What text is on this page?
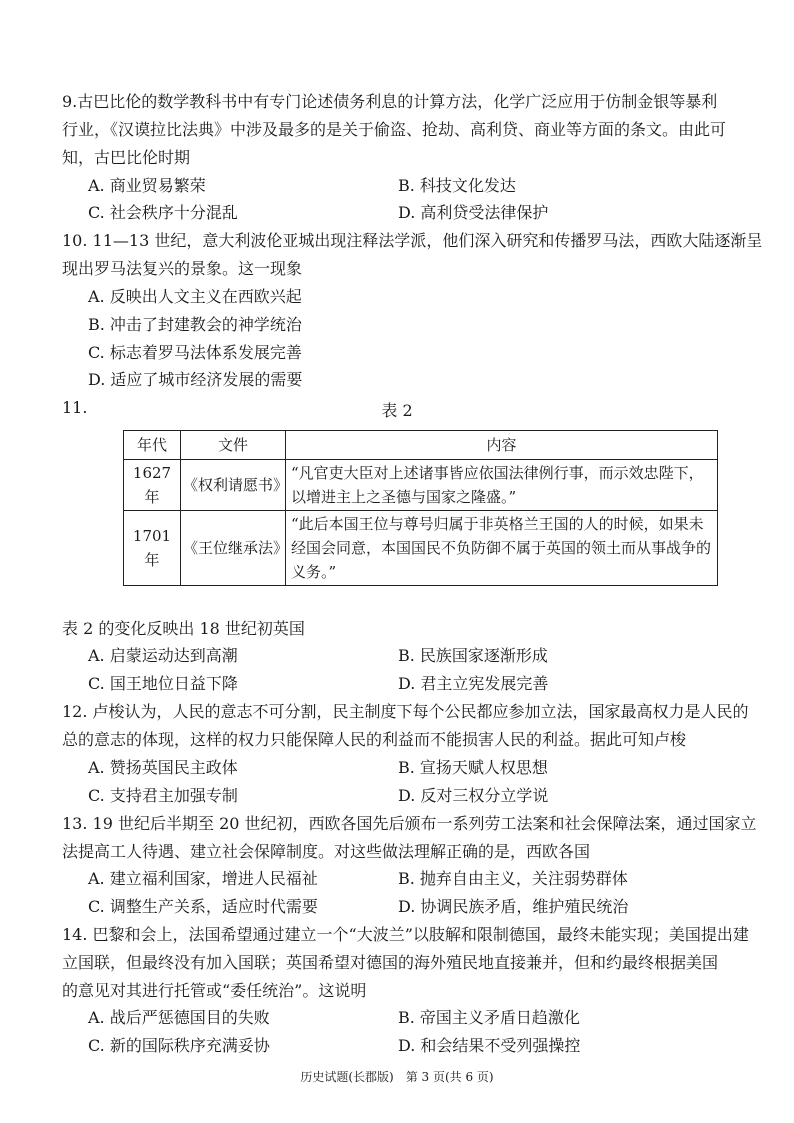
9.古巴比伦的数学教科书中有专门论述债务利息的计算方法，化学广泛应用于仿制金银等暴利
行业，《汉谟拉比法典》中涉及最多的是关于偷盗、抢劫、高利贷、商业等方面的条文。由此可
知，古巴比伦时期
A. 商业贸易繁荣	B. 科技文化发达
C. 社会秩序十分混乱	D. 高利贷受法律保护
10. 11—13 世纪，意大利波伦亚城出现注释法学派，他们深入研究和传播罗马法，西欧大陆逐渐呈
现出罗马法复兴的景象。这一现象
A. 反映出人文主义在西欧兴起
B. 冲击了封建教会的神学统治
C. 标志着罗马法体系发展完善
D. 适应了城市经济发展的需要
11.	表 2
年代	文件	内容
1627 年	《权利请愿书》	“凡官吏大臣对上述诸事皆应依国法律例行事，而示效忠陛下，以增进主上之圣德与国家之隆盛。”
1701 年	《王位继承法》	“此后本国王位与尊号归属于非英格兰王国的人的时候，如果未经国会同意，本国国民不负防御不属于英国的领土而从事战争的义务。”
表 2 的变化反映出 18 世纪初英国
A. 启蒙运动达到高潮	B. 民族国家逐渐形成
C. 国王地位日益下降	D. 君主立宪发展完善
12. 卢梭认为，人民的意志不可分割，民主制度下每个公民都应参加立法，国家最高权力是人民的
总的意志的体现，这样的权力只能保障人民的利益而不能损害人民的利益。据此可知卢梭
A. 赞扬英国民主政体	B. 宣扬天赋人权思想
C. 支持君主加强专制	D. 反对三权分立学说
13. 19 世纪后半期至 20 世纪初，西欧各国先后颁布一系列劳工法案和社会保障法案，通过国家立
法提高工人待遇、建立社会保障制度。对这些做法理解正确的是，西欧各国
A. 建立福利国家，增进人民福祉	B. 抛弃自由主义，关注弱势群体
C. 调整生产关系，适应时代需要	D. 协调民族矛盾，维护殖民统治
14. 巴黎和会上，法国希望通过建立一个“大波兰”以肢解和限制德国，最终未能实现；美国提出建
立国联，但最终没有加入国联；英国希望对德国的海外殖民地直接兼并，但和约最终根据美国
的意见对其进行托管或“委任统治”。这说明
A. 战后严惩德国目的失败	B. 帝国主义矛盾日趋激化
C. 新的国际秩序充满妥协	D. 和会结果不受列强操控
历史试题(长郡版)　第 3 页(共 6 页)
